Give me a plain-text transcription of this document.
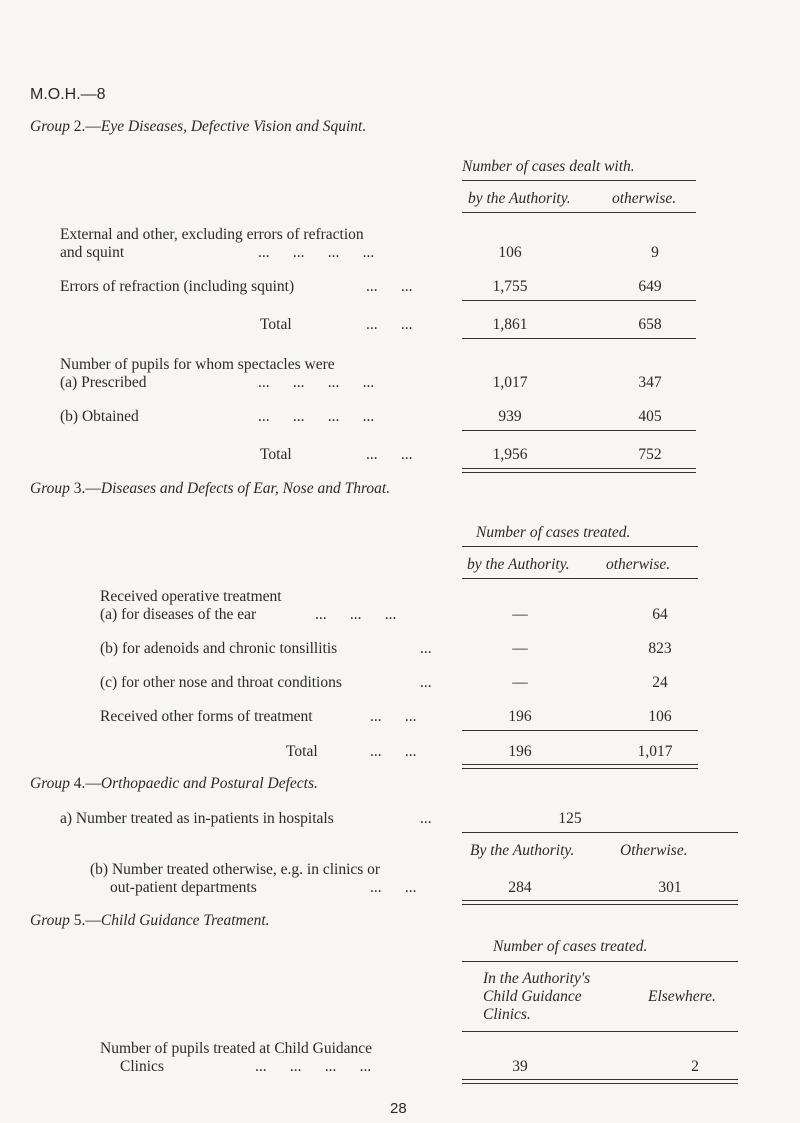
M.O.H.—8
Group 2.—Eye Diseases, Defective Vision and Squint.
Number of cases dealt with.
by the Authority.	otherwise.
External and other, excluding errors of refraction
and squint	...      ...      ...      ...	106	9
Errors of refraction (including squint)	...      ...	1,755	649
Total	...      ...	1,861	658
Number of pupils for whom spectacles were
(a) Prescribed	...      ...      ...      ...	1,017	347
(b) Obtained	...      ...      ...      ...	939	405
Total	...      ...	1,956	752
Group 3.—Diseases and Defects of Ear, Nose and Throat.
Number of cases treated.
by the Authority. otherwise.
Received operative treatment
(a) for diseases of the ear	...      ...      ...	—	64
(b) for adenoids and chronic tonsillitis	...	—	823
(c) for other nose and throat conditions	...	—	24
Received other forms of treatment	...      ...	196	106
Total	...      ...	196	1,017
Group 4.—Orthopaedic and Postural Defects.
a) Number treated as in-patients in hospitals	...	125
By the Authority.	Otherwise.
(b) Number treated otherwise, e.g. in clinics or
out-patient departments	...      ...	284	301
Group 5.—Child Guidance Treatment.
Number of cases treated.
In the Authority's
Child Guidance
Clinics.
Elsewhere.
Number of pupils treated at Child Guidance
Clinics	...      ...      ...      ...	39	2
28
